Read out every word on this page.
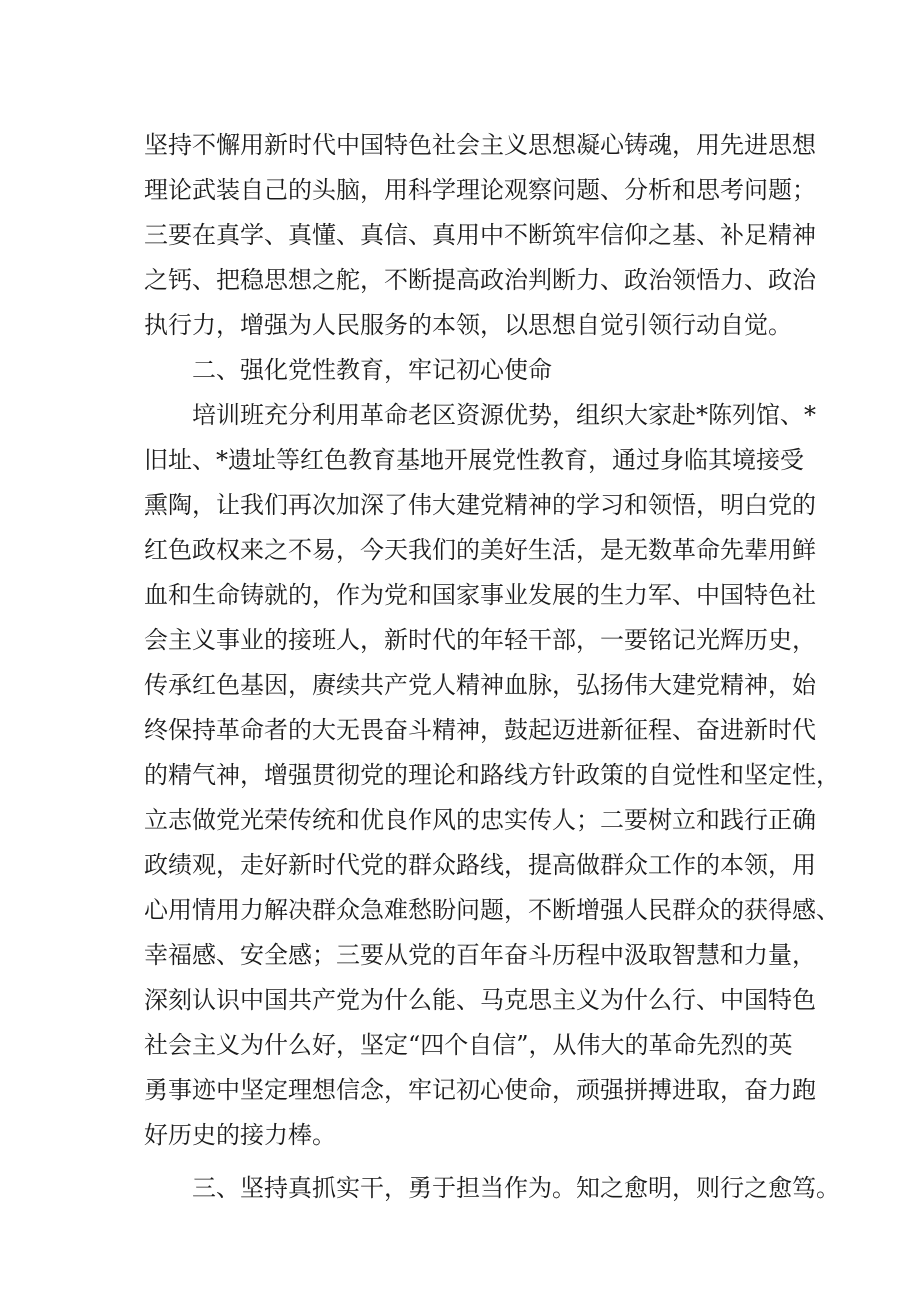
坚持不懈用新时代中国特色社会主义思想凝心铸魂，用先进思想
理论武装自己的头脑，用科学理论观察问题、分析和思考问题；
三要在真学、真懂、真信、真用中不断筑牢信仰之基、补足精神
之钙、把稳思想之舵，不断提高政治判断力、政治领悟力、政治
执行力，增强为人民服务的本领，以思想自觉引领行动自觉。
二、强化党性教育，牢记初心使命
培训班充分利用革命老区资源优势，组织大家赴*陈列馆、*
旧址、*遗址等红色教育基地开展党性教育，通过身临其境接受
熏陶，让我们再次加深了伟大建党精神的学习和领悟，明白党的
红色政权来之不易，今天我们的美好生活，是无数革命先辈用鲜
血和生命铸就的，作为党和国家事业发展的生力军、中国特色社
会主义事业的接班人，新时代的年轻干部，一要铭记光辉历史，
传承红色基因，赓续共产党人精神血脉，弘扬伟大建党精神，始
终保持革命者的大无畏奋斗精神，鼓起迈进新征程、奋进新时代
的精气神，增强贯彻党的理论和路线方针政策的自觉性和坚定性，
立志做党光荣传统和优良作风的忠实传人；二要树立和践行正确
政绩观，走好新时代党的群众路线，提高做群众工作的本领，用
心用情用力解决群众急难愁盼问题，不断增强人民群众的获得感、
幸福感、安全感；三要从党的百年奋斗历程中汲取智慧和力量，
深刻认识中国共产党为什么能、马克思主义为什么行、中国特色
社会主义为什么好，坚定“四个自信”，从伟大的革命先烈的英
勇事迹中坚定理想信念，牢记初心使命，顽强拼搏进取，奋力跑
好历史的接力棒。
三、坚持真抓实干，勇于担当作为。知之愈明，则行之愈笃。
